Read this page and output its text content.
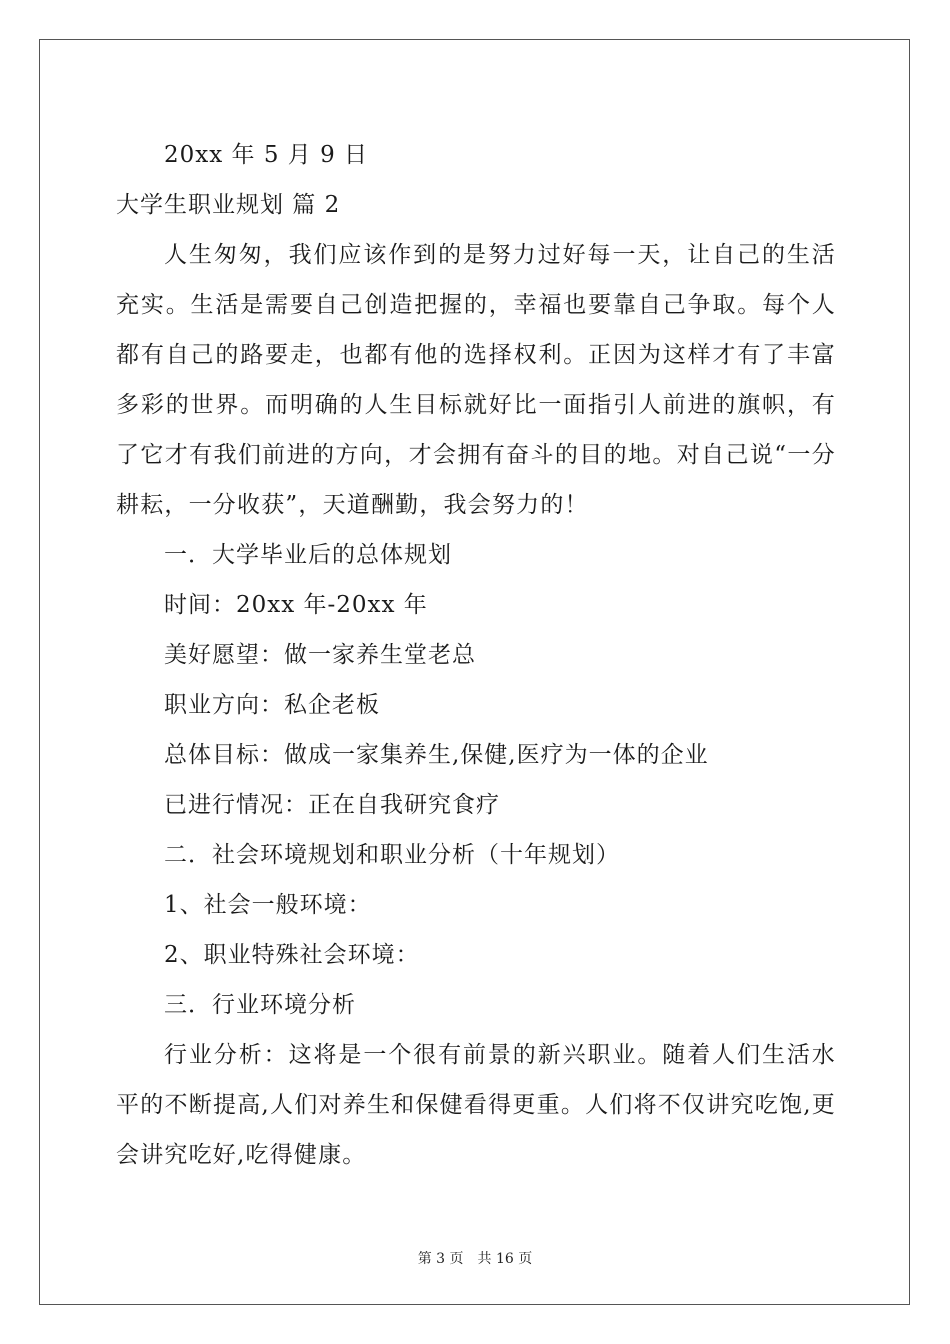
20xx 年 5 月 9 日
大学生职业规划 篇 2

人生匆匆，我们应该作到的是努力过好每一天，让自己的生活充实。生活是需要自己创造把握的，幸福也要靠自己争取。每个人都有自己的路要走，也都有他的选择权利。正因为这样才有了丰富多彩的世界。而明确的人生目标就好比一面指引人前进的旗帜，有了它才有我们前进的方向，才会拥有奋斗的目的地。对自己说“一分耕耘，一分收获”，天道酬勤，我会努力的！

一．大学毕业后的总体规划
时间：20xx 年-20xx 年
美好愿望：做一家养生堂老总
职业方向：私企老板
总体目标：做成一家集养生,保健,医疗为一体的企业
已进行情况：正在自我研究食疗
二．社会环境规划和职业分析（十年规划）
1、社会一般环境：
2、职业特殊社会环境：
三．行业环境分析

行业分析：这将是一个很有前景的新兴职业。随着人们生活水平的不断提高,人们对养生和保健看得更重。人们将不仅讲究吃饱,更会讲究吃好,吃得健康。

第 3 页　共 16 页
